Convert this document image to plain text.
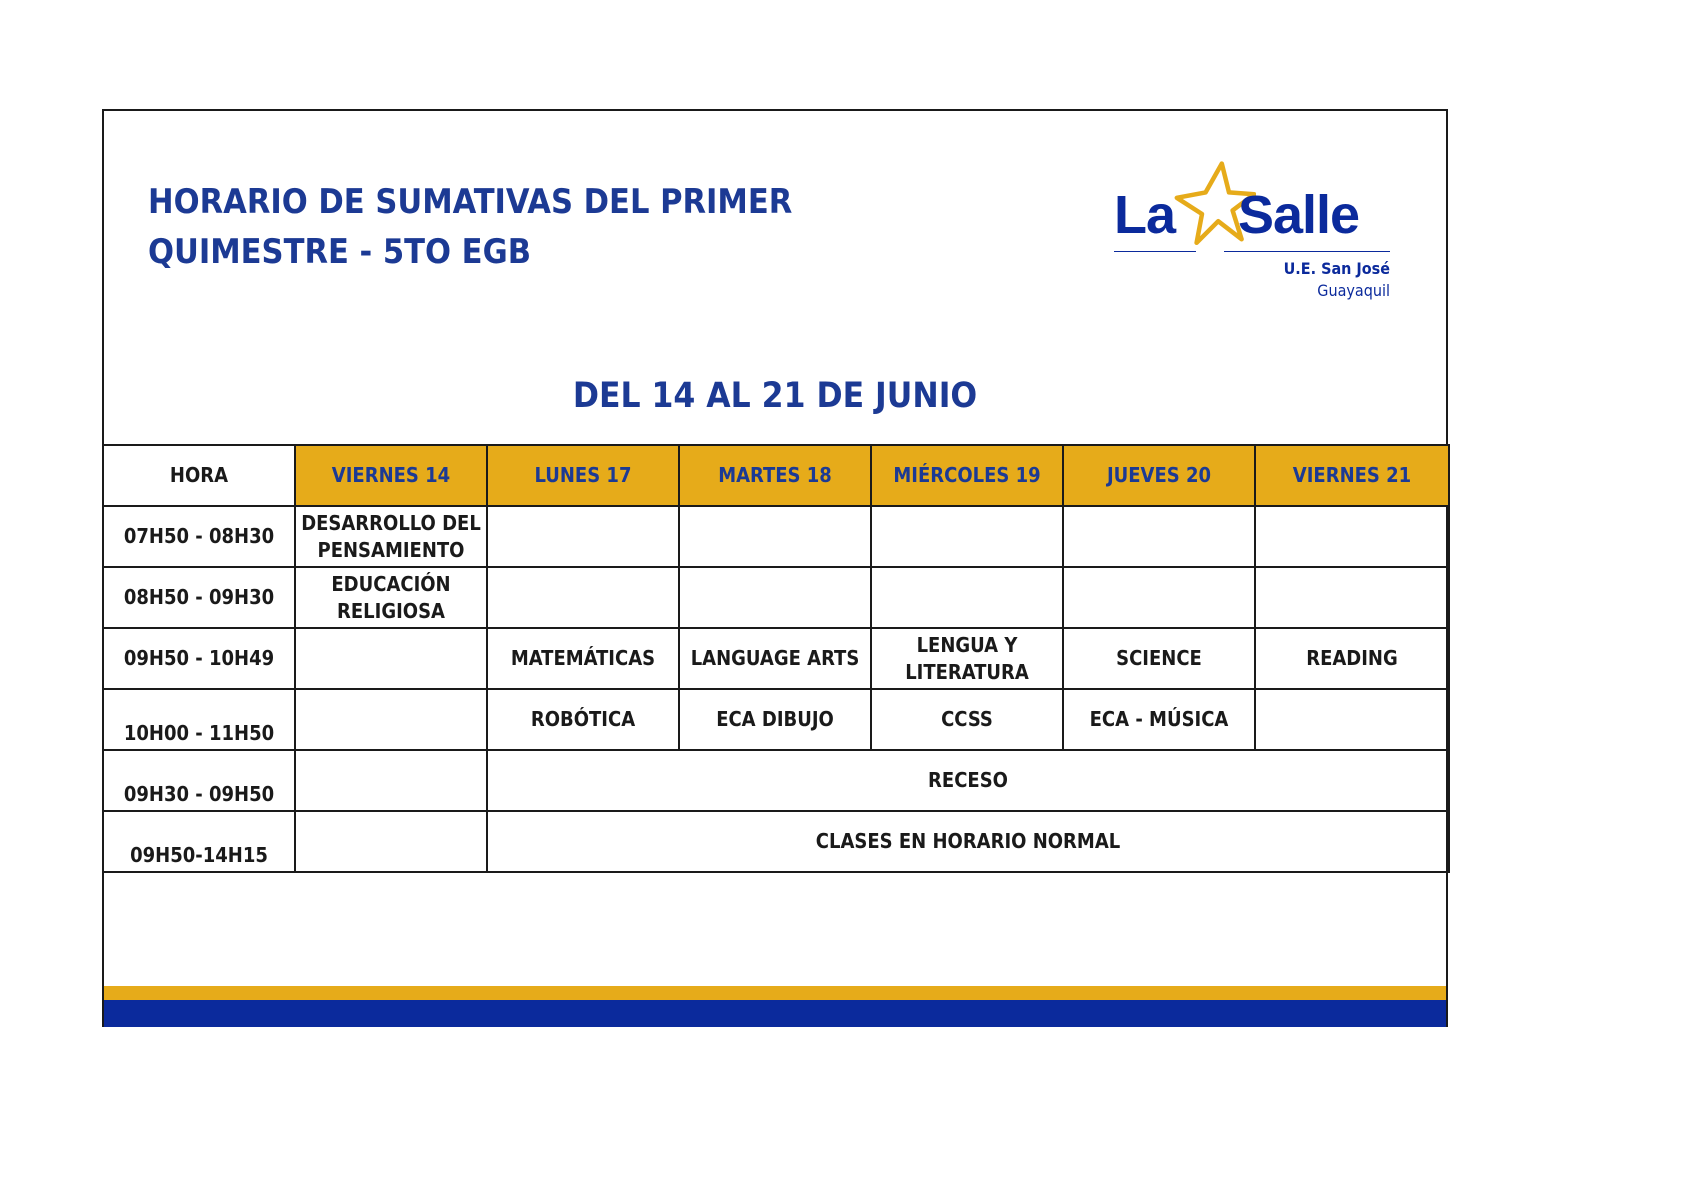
HORARIO DE SUMATIVAS DEL PRIMER
QUIMESTRE - 5TO EGB
La Salle
U.E. San José
Guayaquil
DEL 14 AL 21 DE JUNIO
HORA	VIERNES 14	LUNES 17	MARTES 18	MIÉRCOLES 19	JUEVES 20	VIERNES 21
07H50 - 08H30	DESARROLLO DEL PENSAMIENTO					
08H50 - 09H30	EDUCACIÓN RELIGIOSA					
09H50 - 10H49		MATEMÁTICAS	LANGUAGE ARTS	LENGUA Y LITERATURA	SCIENCE	READING
10H00 - 11H50		ROBÓTICA	ECA DIBUJO	CCSS	ECA - MÚSICA	
09H30 - 09H50		RECESO				
09H50-14H15		CLASES EN HORARIO NORMAL				
